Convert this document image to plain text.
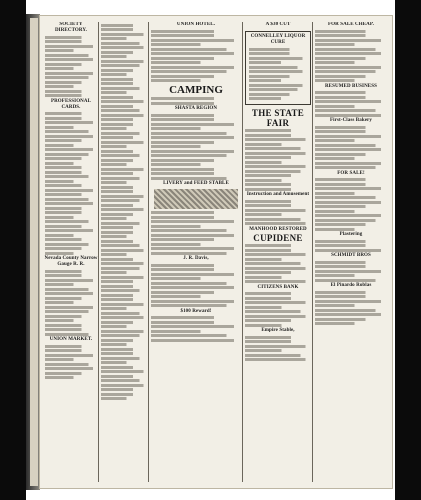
SOCIETY DIRECTORY.
PROFESSIONAL CARDS.
Nevada County Narrow Gauge R. R.
UNION MARKET.
UNION HOTEL.
CAMPING
SHASTA REGION
LIVERY and FEED STABLE
J. R. Davis,
$100 Reward!
A $30 CUT
CONNELLEY LIQUOR CURE
THE STATE FAIR
Instruction and Amusement
MANHOOD RESTORED
CUPIDENE
CITIZENS BANK
Empire Stable,
FOR SALE CHEAP.
RESUMED BUSINESS
First-Class Bakery
FOR SALE!
Plastering
SCHMIDT BROS
El Pinardo Roblas
